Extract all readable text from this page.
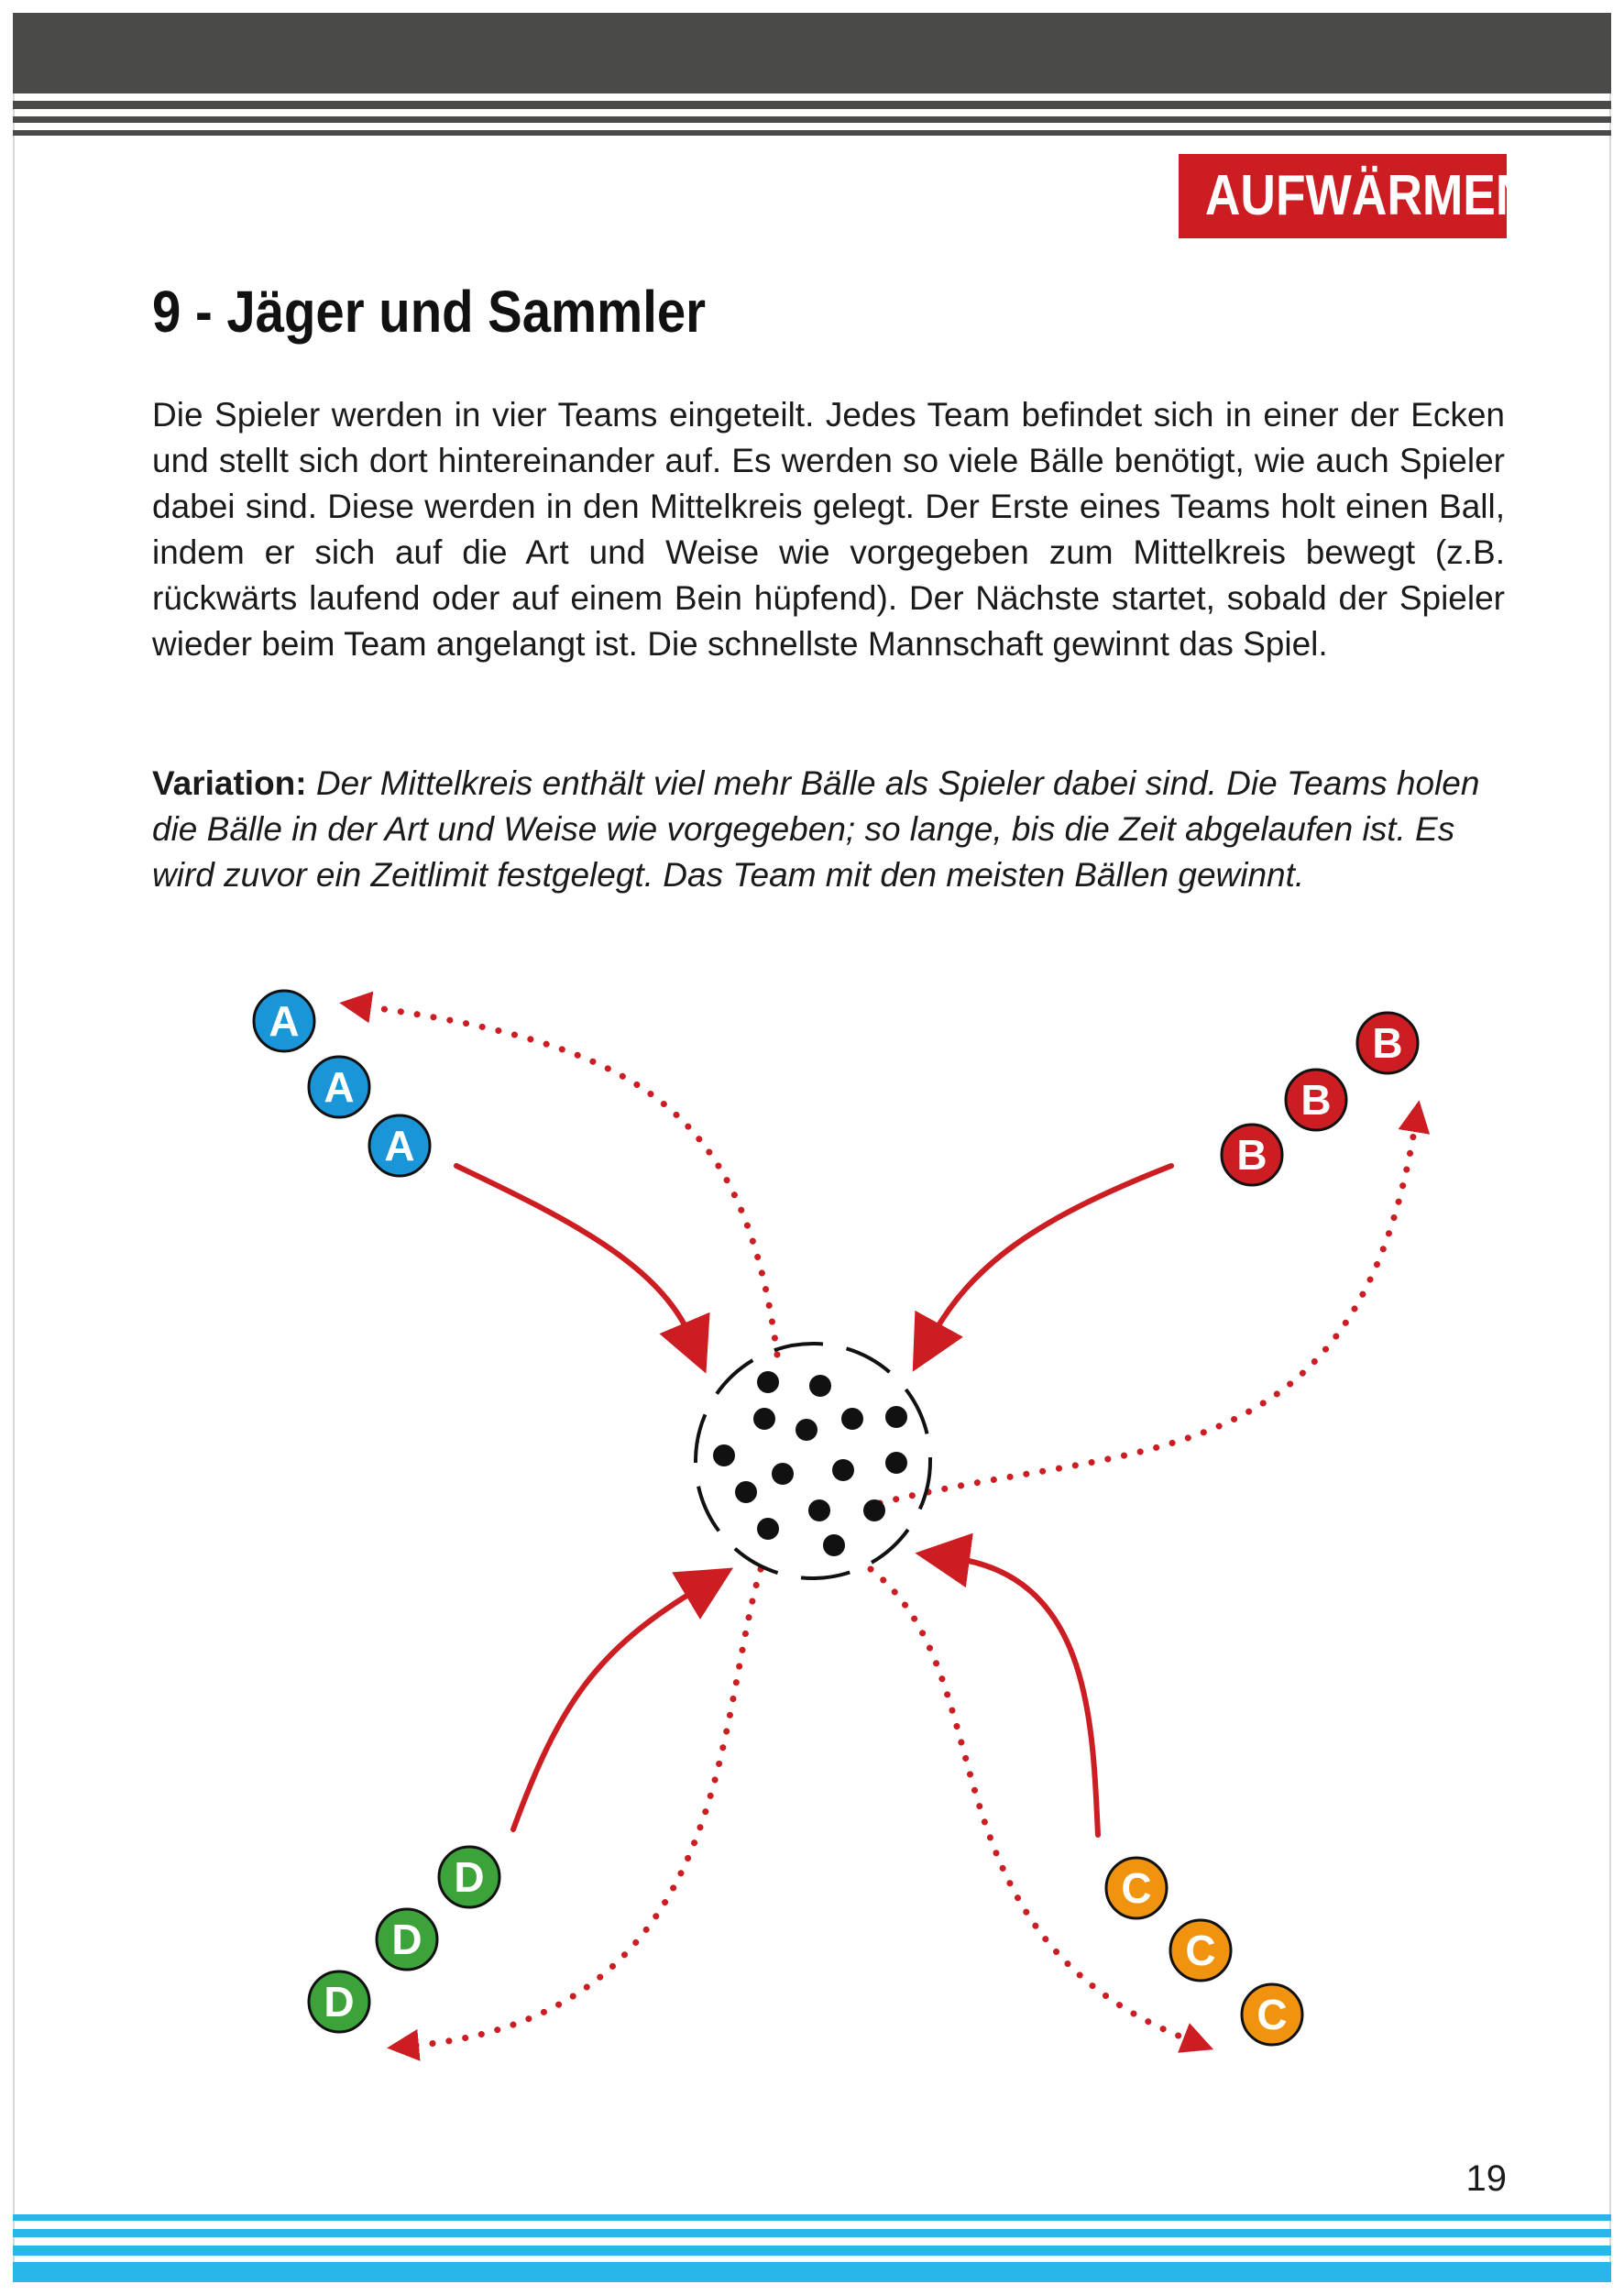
AUFWÄRMEN
9 - Jäger und Sammler

Die Spieler werden in vier Teams eingeteilt. Jedes Team befindet sich in einer der Ecken und stellt sich dort hintereinander auf. Es werden so viele Bälle benötigt, wie auch Spieler dabei sind. Diese werden in den Mittelkreis gelegt. Der Erste eines Teams holt einen Ball, indem er sich auf die Art und Weise wie vorgegeben zum Mittelkreis bewegt (z.B. rückwärts laufend oder auf einem Bein hüpfend). Der Nächste startet, sobald der Spieler wieder beim Team angelangt ist. Die schnellste Mannschaft gewinnt das Spiel.

Variation: Der Mittelkreis enthält viel mehr Bälle als Spieler dabei sind. Die Teams holen die Bälle in der Art und Weise wie vorgegeben; so lange, bis die Zeit abgelaufen ist. Es wird zuvor ein Zeitlimit festgelegt. Das Team mit den meisten Bällen gewinnt.

A
A
A
B
B
B
C
C
C
D
D
D
19
